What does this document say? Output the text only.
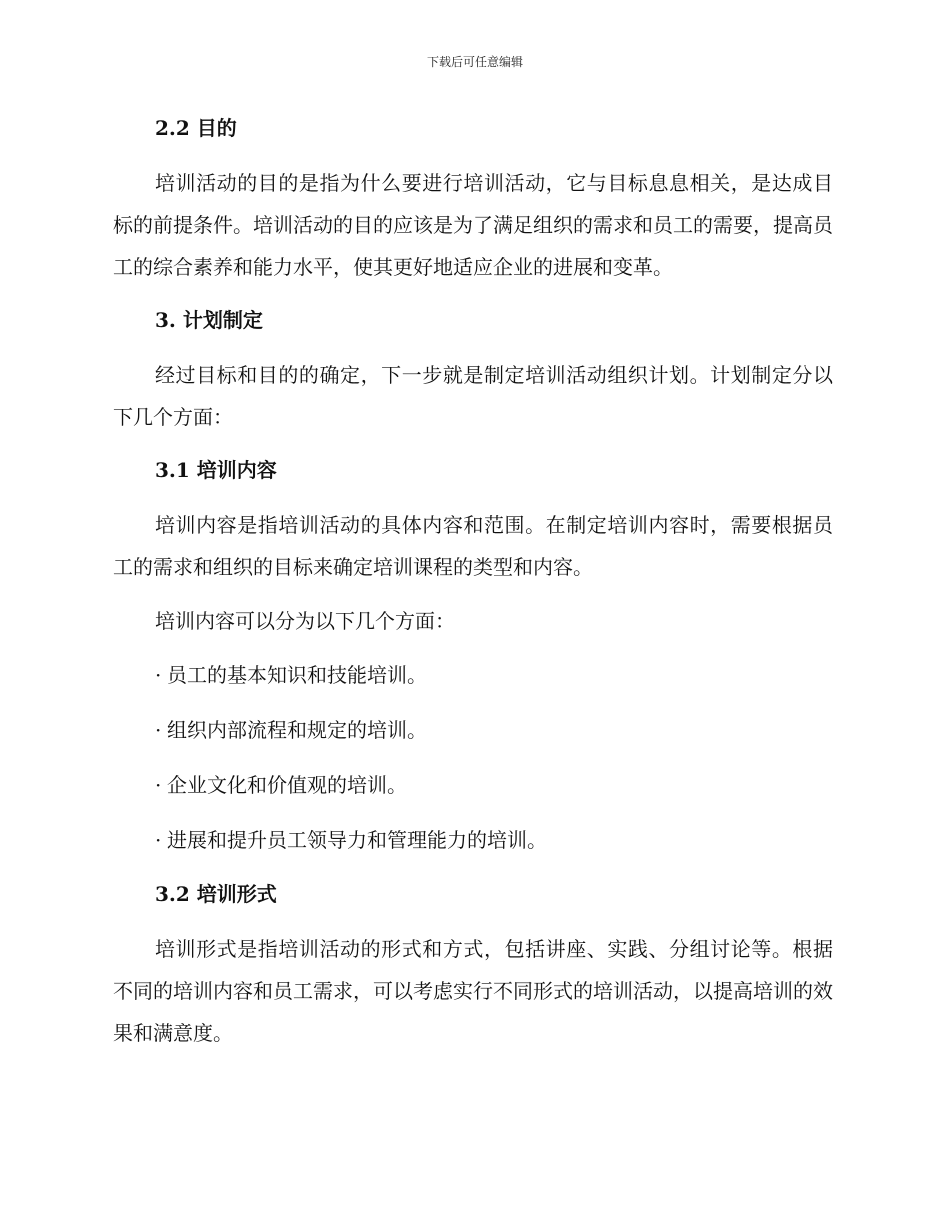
下载后可任意编辑
2.2 目的

培训活动的目的是指为什么要进行培训活动，它与目标息息相关，是达成目标的前提条件。培训活动的目的应该是为了满足组织的需求和员工的需要，提高员工的综合素养和能力水平，使其更好地适应企业的进展和变革。

3. 计划制定

经过目标和目的的确定，下一步就是制定培训活动组织计划。计划制定分以下几个方面：

3.1 培训内容

培训内容是指培训活动的具体内容和范围。在制定培训内容时，需要根据员工的需求和组织的目标来确定培训课程的类型和内容。

培训内容可以分为以下几个方面：

· 员工的基本知识和技能培训。
· 组织内部流程和规定的培训。
· 企业文化和价值观的培训。
· 进展和提升员工领导力和管理能力的培训。
3.2 培训形式

培训形式是指培训活动的形式和方式，包括讲座、实践、分组讨论等。根据不同的培训内容和员工需求，可以考虑实行不同形式的培训活动，以提高培训的效果和满意度。
